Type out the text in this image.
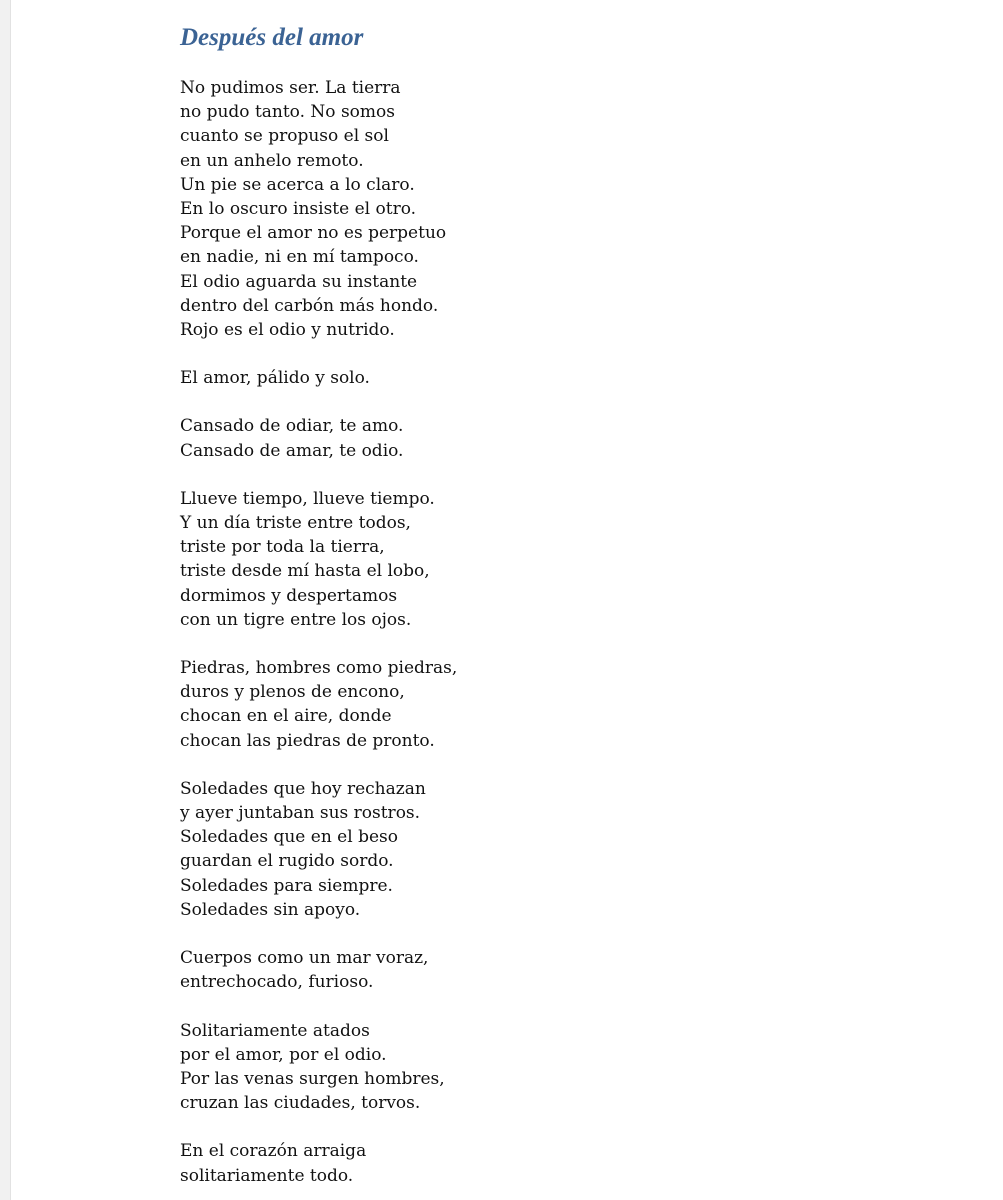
Después del amor
No pudimos ser. La tierra
no pudo tanto. No somos
cuanto se propuso el sol
en un anhelo remoto.
Un pie se acerca a lo claro.
En lo oscuro insiste el otro.
Porque el amor no es perpetuo
en nadie, ni en mí tampoco.
El odio aguarda su instante
dentro del carbón más hondo.
Rojo es el odio y nutrido.
El amor, pálido y solo.
Cansado de odiar, te amo.
Cansado de amar, te odio.
Llueve tiempo, llueve tiempo.
Y un día triste entre todos,
triste por toda la tierra,
triste desde mí hasta el lobo,
dormimos y despertamos
con un tigre entre los ojos.
Piedras, hombres como piedras,
duros y plenos de encono,
chocan en el aire, donde
chocan las piedras de pronto.
Soledades que hoy rechazan
y ayer juntaban sus rostros.
Soledades que en el beso
guardan el rugido sordo.
Soledades para siempre.
Soledades sin apoyo.
Cuerpos como un mar voraz,
entrechocado, furioso.
Solitariamente atados
por el amor, por el odio.
Por las venas surgen hombres,
cruzan las ciudades, torvos.
En el corazón arraiga
solitariamente todo.
